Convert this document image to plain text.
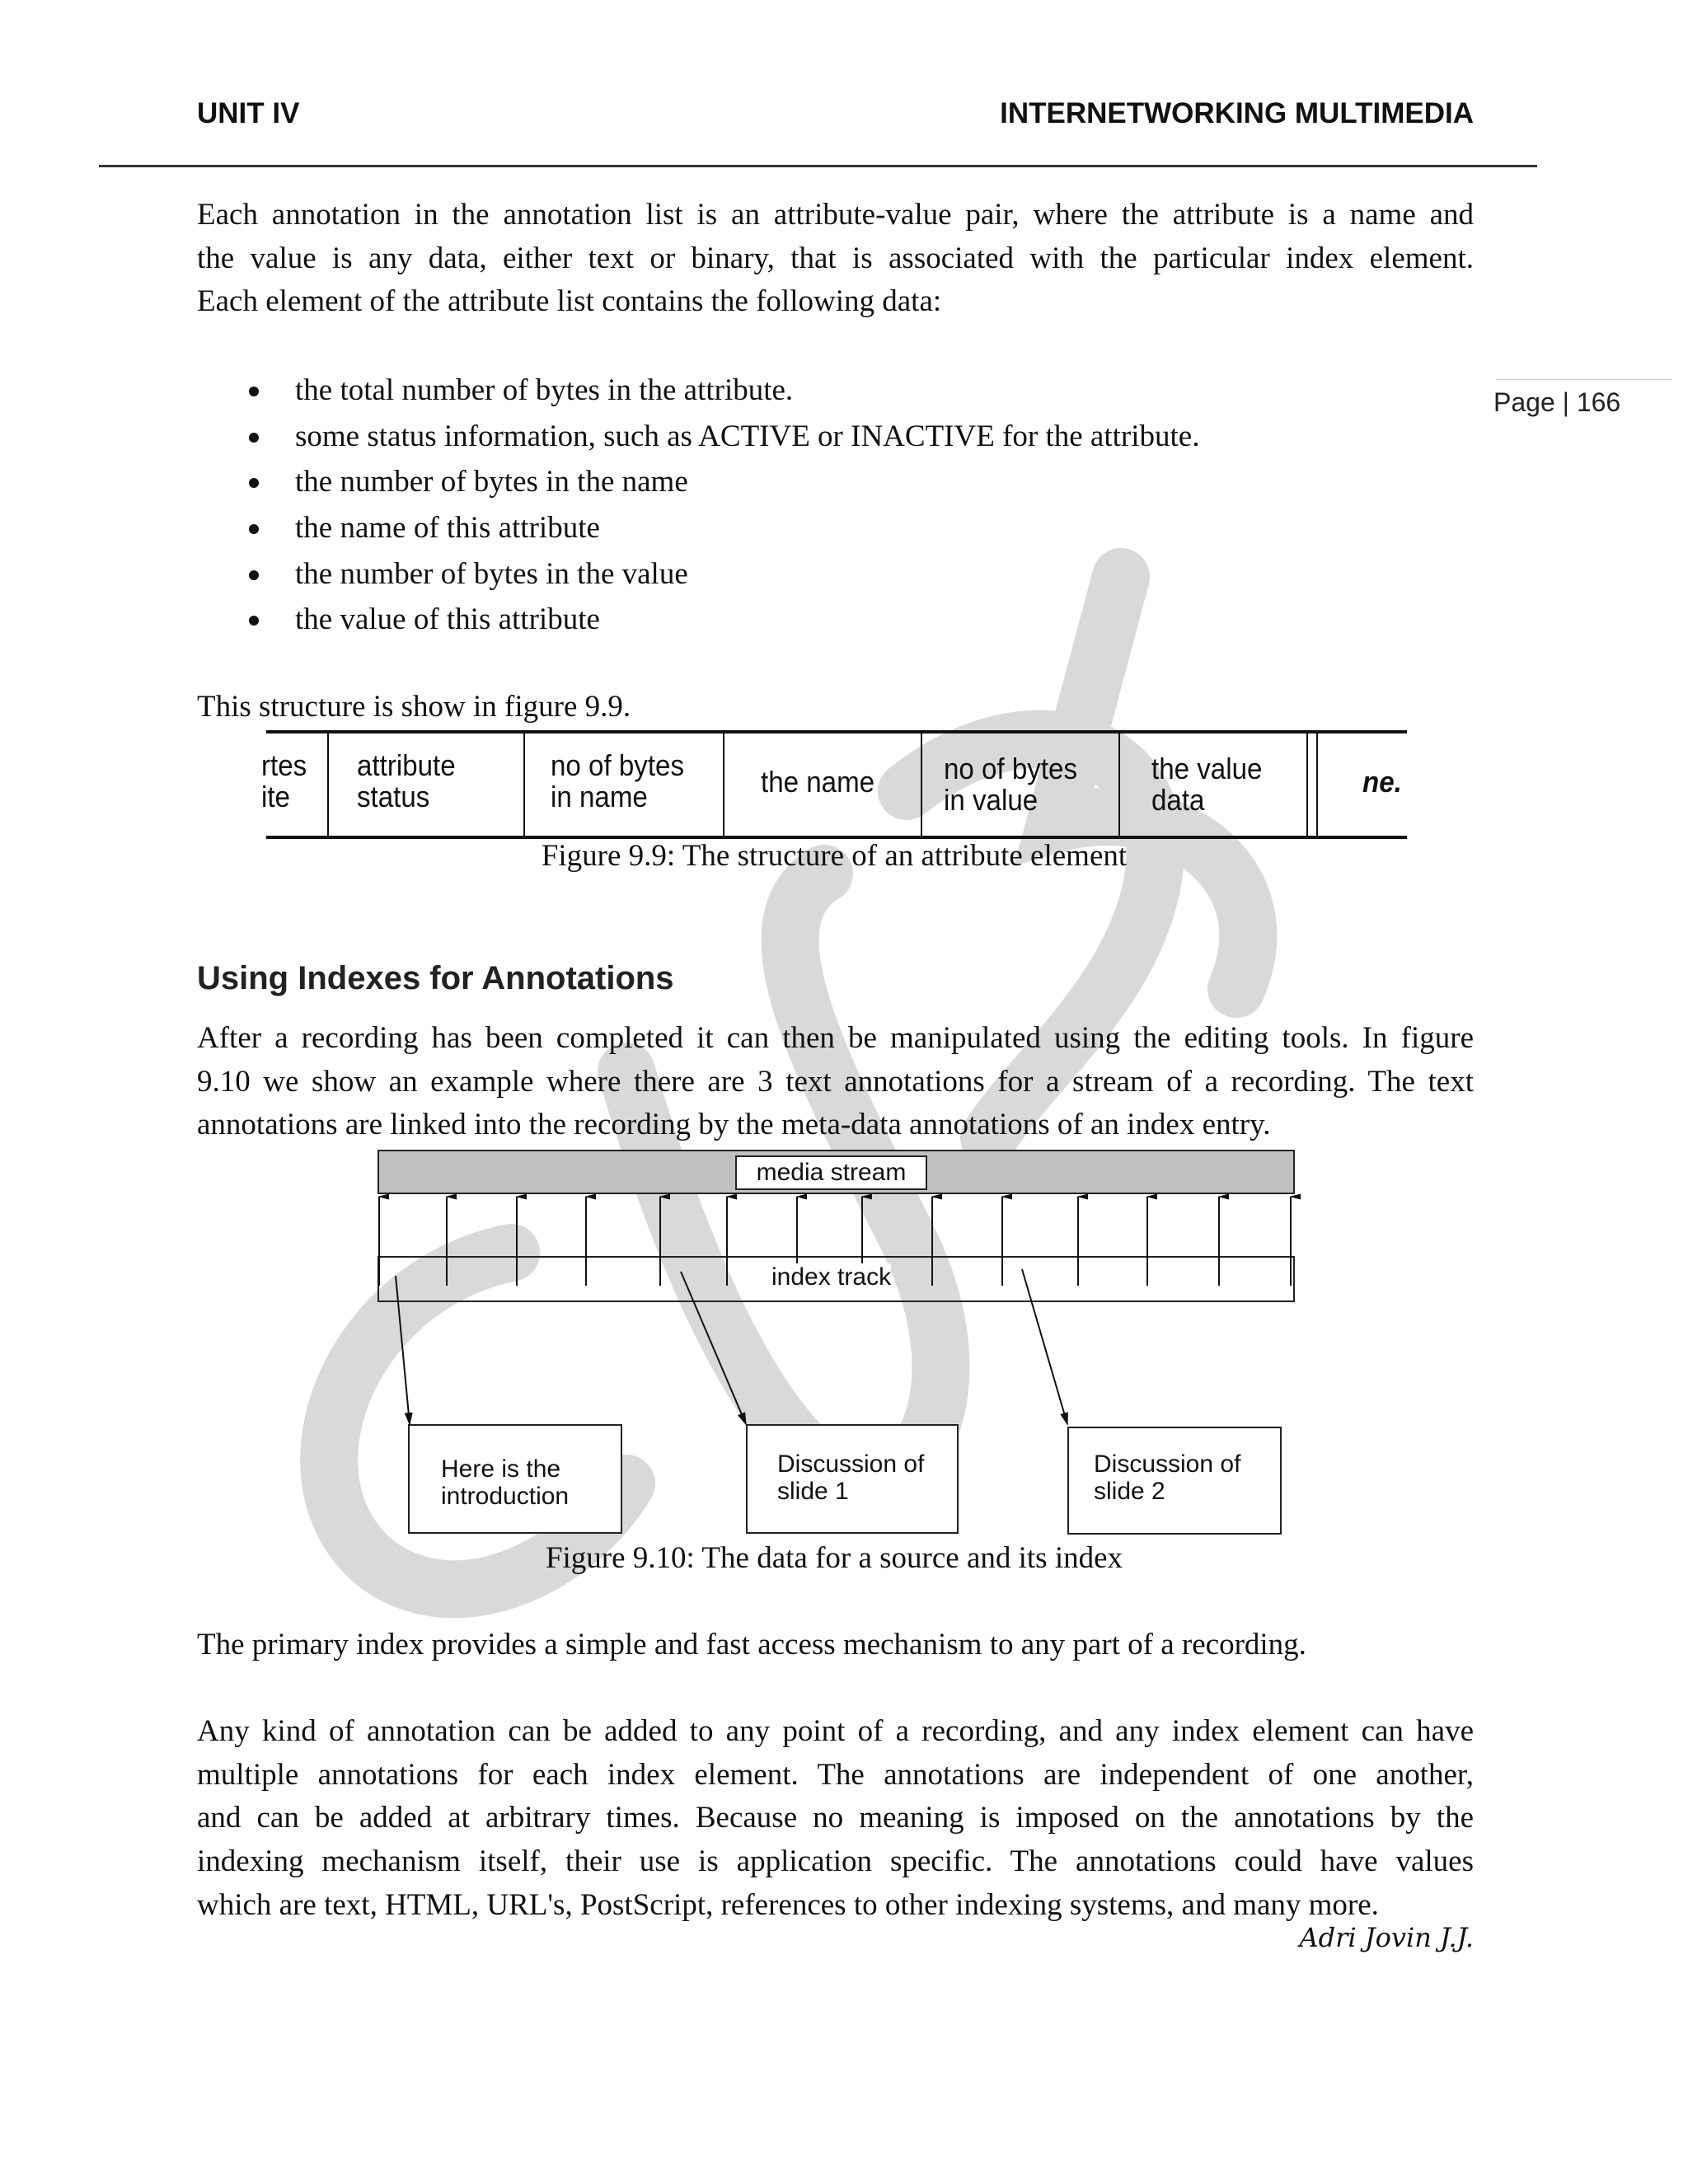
UNIT IV	INTERNETWORKING MULTIMEDIA
Page | 166
Each annotation in the annotation list is an attribute-value pair, where the attribute is a name and
the value is any data, either text or binary, that is associated with the particular index element.
Each element of the attribute list contains the following data:
the total number of bytes in the attribute.
some status information, such as ACTIVE or INACTIVE for the attribute.
the number of bytes in the name
the name of this attribute
the number of bytes in the value
the value of this attribute
This structure is show in figure 9.9.
rtes
ite
attribute
status
no of bytes
in name	the name no of bytes
in value
the value
data
ne.
Figure 9.9: The structure of an attribute element
Using Indexes for Annotations
After a recording has been completed it can then be manipulated using the editing tools. In figure
9.10 we show an example where there are 3 text annotations for a stream of a recording. The text
annotations are linked into the recording by the meta-data annotations of an index entry.
media stream
index track
Here is the
introduction
Discussion of
slide 1
Discussion of
slide 2
Figure 9.10: The data for a source and its index
The primary index provides a simple and fast access mechanism to any part of a recording.
Any kind of annotation can be added to any point of a recording, and any index element can have
multiple annotations for each index element. The annotations are independent of one another,
and can be added at arbitrary times. Because no meaning is imposed on the annotations by the
indexing mechanism itself, their use is application specific. The annotations could have values
which are text, HTML, URL's, PostScript, references to other indexing systems, and many more.
Adri Jovin J.J.
